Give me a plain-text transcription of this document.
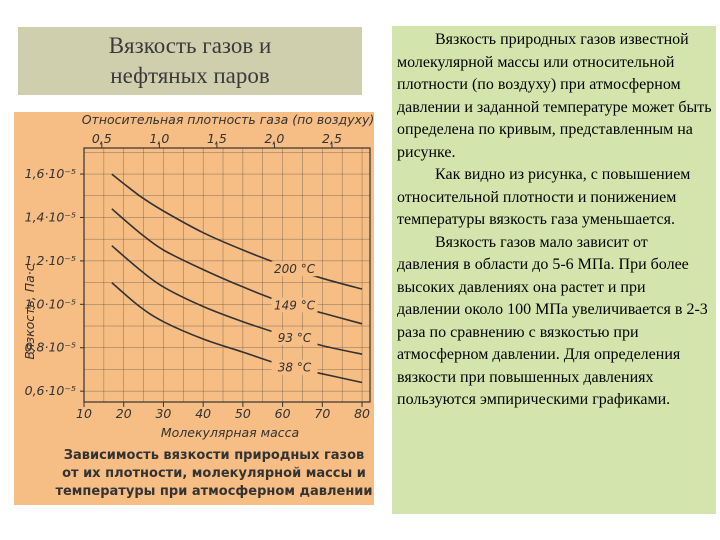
Вязкость газов и
нефтяных паров
Относительная плотность газа (по воздуху)
0,5	1,0	1,5	2,0	2,5
0,6·10⁻⁵
0,8·10⁻⁵
1,0·10⁻⁵
1,2·10⁻⁵
1,4·10⁻⁵
1,6·10⁻⁵
Вязкость, Па·с
10 20 30 40 50 60 70 80
Молекулярная масса
200 °C
149 °C
93 °C
38 °C
Зависимость вязкости природных газов
от их плотности, молекулярной массы и
температуры при атмосферном давлении

Вязкость природных газов известной молекулярной массы или относительной плотности (по воздуху) при атмосферном давлении и заданной температуре может быть определена по кривым, представленным на рисунке.

Как видно из рисунка, с повышением относительной плотности и понижением температуры вязкость газа уменьшается.

Вязкость газов мало зависит от давления в области до 5-6 МПа. При более высоких давлениях она растет и при давлении около 100 МПа увеличивается в 2-3 раза по сравнению с вязкостью при атмосферном давлении. Для определения вязкости при повышенных давлениях пользуются эмпирическими графиками.
